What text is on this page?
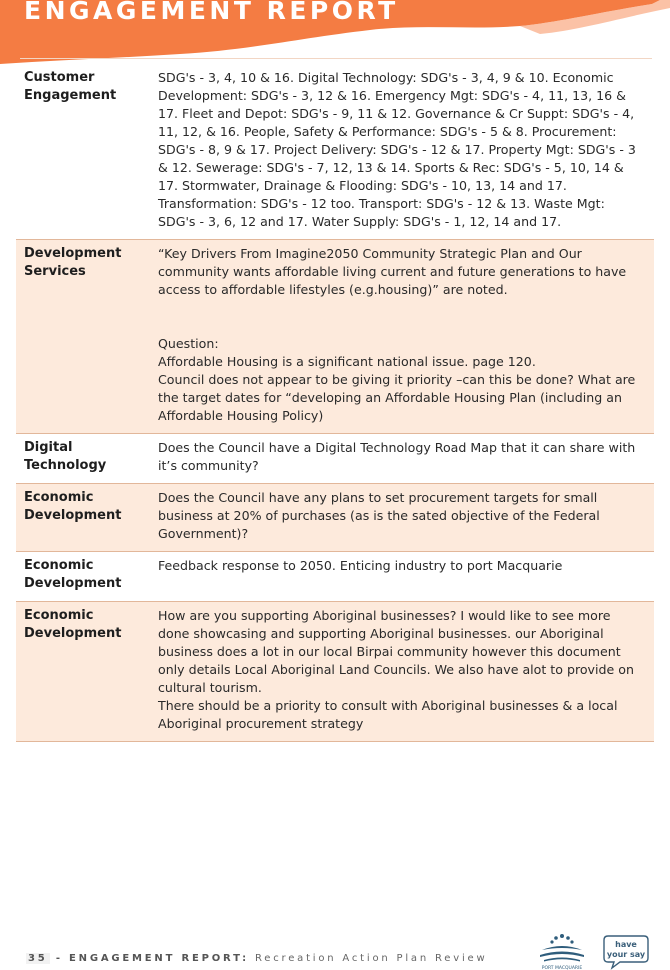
ENGAGEMENT REPORT
Customer Engagement

SDG's - 3, 4, 10 & 16. Digital Technology: SDG's - 3, 4, 9 & 10. Economic Development: SDG's - 3, 12 & 16. Emergency Mgt: SDG's - 4, 11, 13, 16 & 17. Fleet and Depot: SDG's - 9, 11 & 12. Governance & Cr Suppt: SDG's - 4, 11, 12, & 16. People, Safety & Performance: SDG's - 5 & 8. Procurement: SDG's - 8, 9 & 17. Project Delivery: SDG's - 12 & 17. Property Mgt: SDG's - 3 & 12. Sewerage: SDG's - 7, 12, 13 & 14. Sports & Rec: SDG's - 5, 10, 14 & 17. Stormwater, Drainage & Flooding: SDG's - 10, 13, 14 and 17. Transformation: SDG's - 12 too. Transport: SDG's - 12 & 13. Waste Mgt: SDG's - 3, 6, 12 and 17. Water Supply: SDG's - 1, 12, 14 and 17.

Development Services

“Key Drivers From Imagine2050 Community Strategic Plan and Our community wants affordable living current and future generations to have access to affordable lifestyles (e.g.housing)” are noted.

Question:
Affordable Housing is a significant national issue. page 120.
Council does not appear to be giving it priority –can this be done? What are the target dates for “developing an Affordable Housing Plan (including an Affordable Housing Policy)

Digital Technology

Does the Council have a Digital Technology Road Map that it can share with it’s community?

Economic Development

Does the Council have any plans to set procurement targets for small business at 20% of purchases (as is the sated objective of the Federal Government)?

Economic Development

Feedback response to 2050. Enticing industry to port Macquarie

Economic Development

How are you supporting Aboriginal businesses? I would like to see more done showcasing and supporting Aboriginal businesses. our Aboriginal business does a lot in our local Birpai community however this document only details Local Aboriginal Land Councils. We also have alot to provide on cultural tourism.
There should be a priority to consult with Aboriginal businesses & a local Aboriginal procurement strategy

35 - ENGAGEMENT REPORT: Recreation Action Plan Review
PORT MACQUARIE
have
your say
